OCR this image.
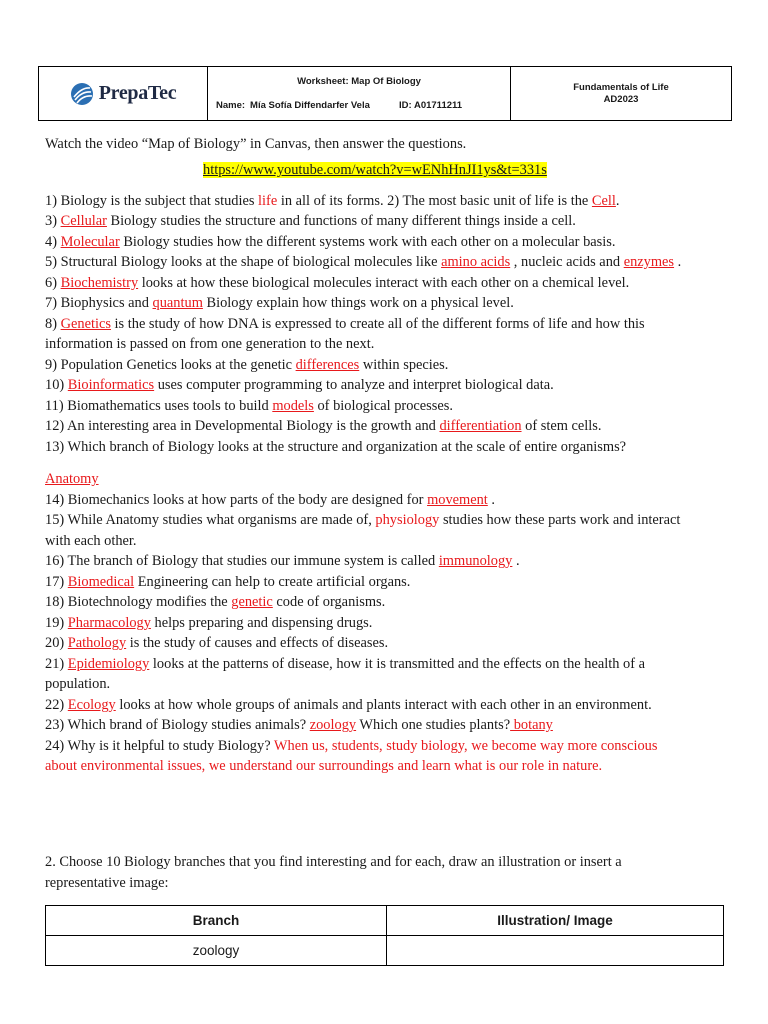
PrepaTec
Worksheet: Map Of Biology
Name: Mía Sofía Diffendarfer Vela	ID: A01711211
Fundamentals of Life
AD2023
Watch the video “Map of Biology” in Canvas, then answer the questions.
https://www.youtube.com/watch?v=wENhHnJI1ys&t=331s
1) Biology is the subject that studies life in all of its forms. 2) The most basic unit of life is the Cell.
3) Cellular Biology studies the structure and functions of many different things inside a cell.
4) Molecular Biology studies how the different systems work with each other on a molecular basis.
5) Structural Biology looks at the shape of biological molecules like amino acids , nucleic acids and enzymes .
6) Biochemistry looks at how these biological molecules interact with each other on a chemical level.
7) Biophysics and quantum Biology explain how things work on a physical level.
8) Genetics is the study of how DNA is expressed to create all of the different forms of life and how this
information is passed on from one generation to the next.
9) Population Genetics looks at the genetic differences within species.
10) Bioinformatics uses computer programming to analyze and interpret biological data.
11) Biomathematics uses tools to build models of biological processes.
12) An interesting area in Developmental Biology is the growth and differentiation of stem cells.
13) Which branch of Biology looks at the structure and organization at the scale of entire organisms?
Anatomy
14) Biomechanics looks at how parts of the body are designed for movement .
15) While Anatomy studies what organisms are made of, physiology studies how these parts work and interact
with each other.
16) The branch of Biology that studies our immune system is called immunology .
17) Biomedical Engineering can help to create artificial organs.
18) Biotechnology modifies the genetic code of organisms.
19) Pharmacology helps preparing and dispensing drugs.
20) Pathology is the study of causes and effects of diseases.
21) Epidemiology looks at the patterns of disease, how it is transmitted and the effects on the health of a
population.
22) Ecology looks at how whole groups of animals and plants interact with each other in an environment.
23) Which brand of Biology studies animals? zoology Which one studies plants? botany
24) Why is it helpful to study Biology? When us, students, study biology, we become way more conscious
about environmental issues, we understand our surroundings and learn what is our role in nature.
2. Choose 10 Biology branches that you find interesting and for each, draw an illustration or insert a
representative image:
Branch	Illustration/ Image
zoology	
